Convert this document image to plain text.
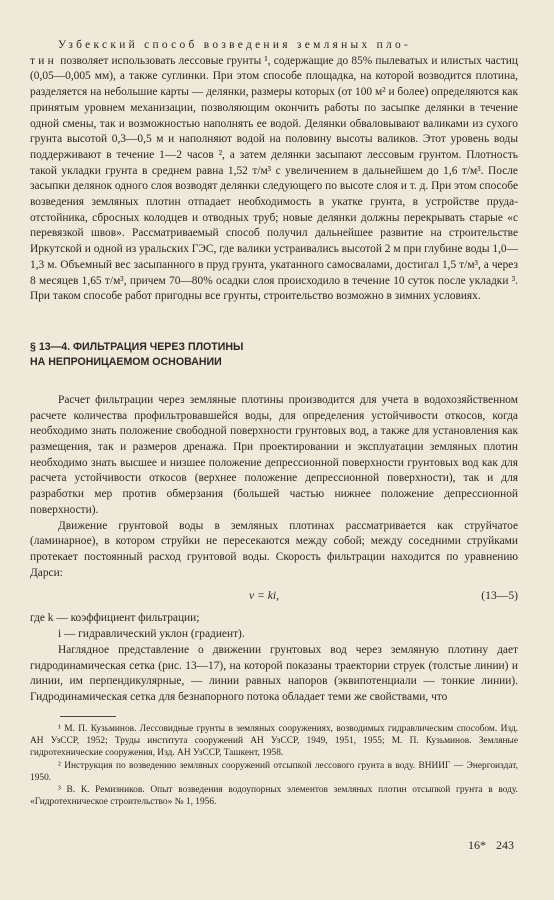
Узбекский способ возведения земляных пло-
тин позволяет использовать лессовые грунты ¹, содержащие до 85% пылеватых и илистых частиц (0,05—0,005 мм), а также суглинки. При этом способе площадка, на которой возводится плотина, разделяется на небольшие карты — делянки, размеры которых (от 100 м² и более) определяются как принятым уровнем механизации, позволяющим окончить работы по засыпке делянки в течение одной смены, так и возможностью наполнять ее водой. Делянки обваловывают валиками из сухого грунта высотой 0,3—0,5 м и наполняют водой на половину высоты валиков. Этот уровень воды поддерживают в течение 1—2 часов ², а затем делянки засыпают лессовым грунтом. Плотность такой укладки грунта в среднем равна 1,52 т/м³ с увеличением в дальнейшем до 1,6 т/м³. После засыпки делянок одного слоя возводят делянки следующего по высоте слоя и т. д. При этом способе возведения земляных плотин отпадает необходимость в укатке грунта, в устройстве пруда-отстойника, сбросных колодцев и отводных труб; новые делянки должны перекрывать старые «с перевязкой швов». Рассматриваемый способ получил дальнейшее развитие на строительстве Иркутской и одной из уральских ГЭС, где валики устраивались высотой 2 м при глубине воды 1,0—1,3 м. Объемный вес засыпанного в пруд грунта, укатанного самосвалами, достигал 1,5 т/м³, а через 8 месяцев 1,65 т/м³, причем 70—80% осадки слоя происходило в течение 10 суток после укладки ³. При таком способе работ пригодны все грунты, строительство возможно в зимних условиях.

§ 13—4. ФИЛЬТРАЦИЯ ЧЕРЕЗ ПЛОТИНЫ

НА НЕПРОНИЦАЕМОМ ОСНОВАНИИ

Расчет фильтрации через земляные плотины производится для учета в водохозяйственном расчете количества профильтровавшейся воды, для определения устойчивости откосов, когда необходимо знать положение свободной поверхности грунтовых вод, а также для установления как размещения, так и размеров дренажа. При проектировании и эксплуатации земляных плотин необходимо знать высшее и низшее положение депрессионной поверхности грунтовых вод как для расчета устойчивости откосов (верхнее положение депрессионной поверхности), так и для разработки мер против обмерзания (большей частью нижнее положение депрессионной поверхности).

Движение грунтовой воды в земляных плотинах рассматривается как струйчатое (ламинарное), в котором струйки не пересекаются между собой; между соседними струйками протекает постоянный расход грунтовой воды. Скорость фильтрации находится по уравнению Дарси:

v = ki,	(13—5)

где k — коэффициент фильтрации;

i — гидравлический уклон (градиент).

Наглядное представление о движении грунтовых вод через земляную плотину дает гидродинамическая сетка (рис. 13—17), на которой показаны траектории струек (толстые линии) и линии, им перпендикулярные, — линии равных напоров (эквипотенциали — тонкие линии). Гидродинамическая сетка для безнапорного потока обладает теми же свойствами, что

¹ М. П. Кузьминов. Лессовидные грунты в земляных сооружениях, возводимых гидравлическим способом. Изд. АН УзССР, 1952; Труды института сооружений АН УзССР, 1949, 1951, 1955; М. П. Кузьминов. Земляные гидротехнические сооружения, Изд. АН УзССР, Ташкент, 1958.

² Инструкция по возведению земляных сооружений отсыпкой лессового грунта в воду. ВНИИГ — Энергоиздат, 1950.

³ В. К. Ремизников. Опыт возведения водоупорных элементов земляных плотин отсыпкой грунта в воду. «Гидротехническое строительство» № 1, 1956.

16* 243
